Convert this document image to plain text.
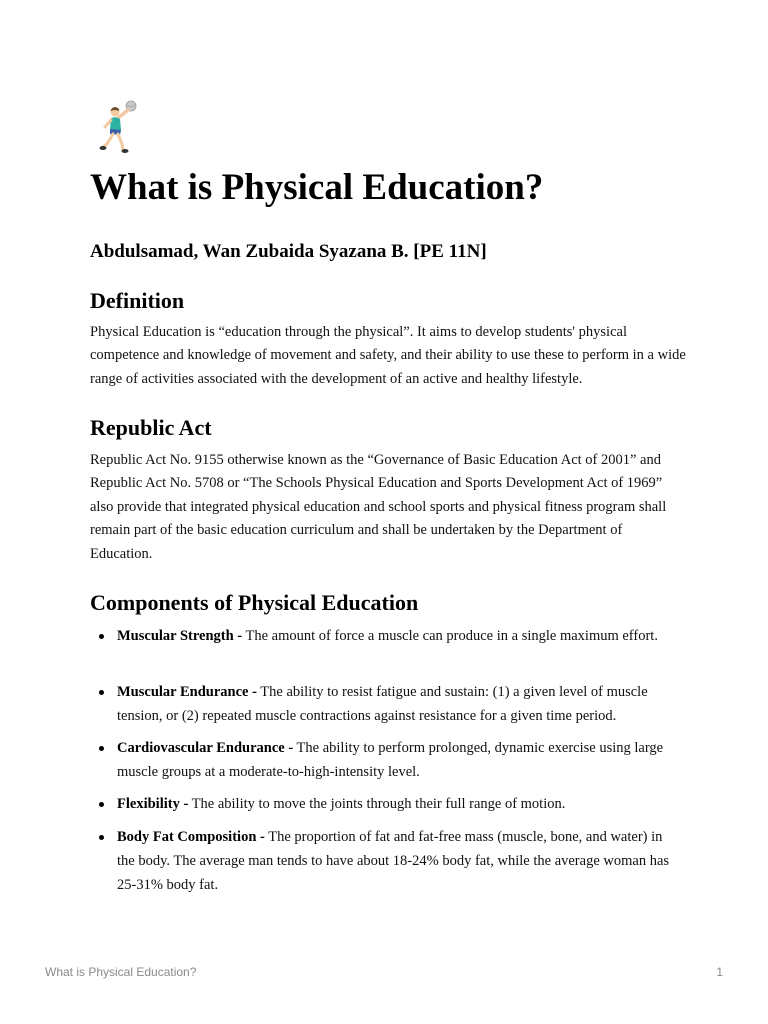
What is Physical Education?

Abdulsamad, Wan Zubaida Syazana B. [PE 11N]

Definition

Physical Education is “education through the physical”. It aims to develop students' physical competence and knowledge of movement and safety, and their ability to use these to perform in a wide range of activities associated with the development of an active and healthy lifestyle.

Republic Act

Republic Act No. 9155 otherwise known as the “Governance of Basic Education Act of 2001” and Republic Act No. 5708 or “The Schools Physical Education and Sports Development Act of 1969” also provide that integrated physical education and school sports and physical fitness program shall remain part of the basic education curriculum and shall be undertaken by the Department of Education.

Components of Physical Education
Muscular Strength - The amount of force a muscle can produce in a single maximum effort.
Muscular Endurance - The ability to resist fatigue and sustain: (1) a given level of muscle tension, or (2) repeated muscle contractions against resistance for a given time period.
Cardiovascular Endurance - The ability to perform prolonged, dynamic exercise using large muscle groups at a moderate-to-high-intensity level.
Flexibility - The ability to move the joints through their full range of motion.
Body Fat Composition - The proportion of fat and fat-free mass (muscle, bone, and water) in the body. The average man tends to have about 18-24% body fat, while the average woman has 25-31% body fat.
What is Physical Education?	1
